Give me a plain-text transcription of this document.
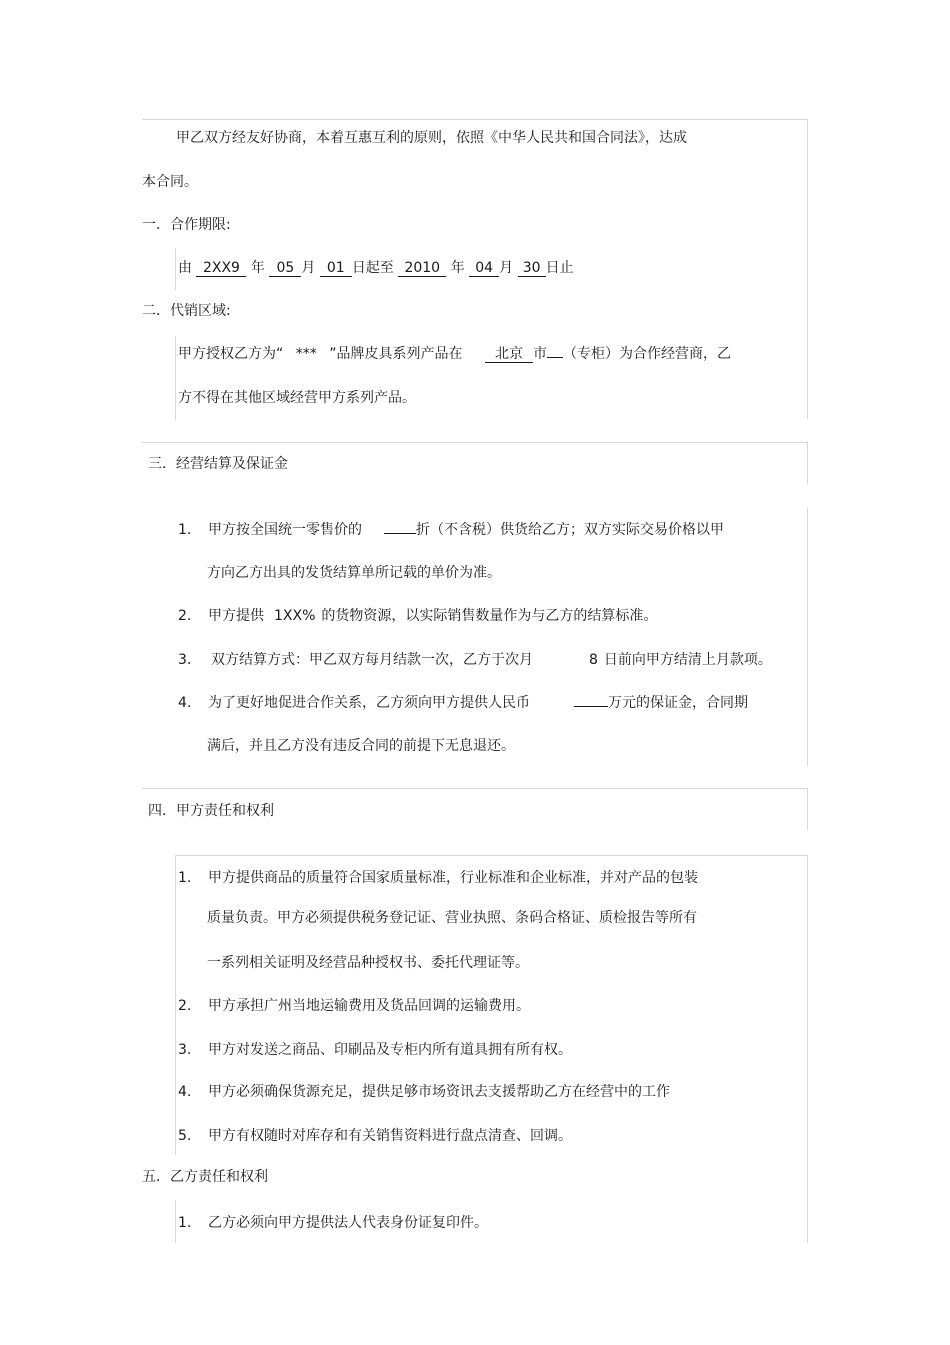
甲乙双方经友好协商，本着互惠互利的原则，依照《中华人民共和国合同法》，达成
本合同。
一．合作期限:
由 2XX9 年 05 月 01 日起至 2010 年 04 月 30 日止
二．代销区域:
甲方授权乙方为“ *** ”品牌皮具系列产品在 北京 市 （专柜）为合作经营商，乙
方不得在其他区域经营甲方系列产品。
三．经营结算及保证金
1. 甲方按全国统一零售价的	折（不含税）供货给乙方；双方实际交易价格以甲
方向乙方出具的发货结算单所记载的单价为准。
2. 甲方提供 1XX% 的货物资源，以实际销售数量作为与乙方的结算标准。
3. 双方结算方式：甲乙双方每月结款一次，乙方于次月	8 日前向甲方结清上月款项。
4. 为了更好地促进合作关系，乙方须向甲方提供人民币	万元的保证金，合同期
满后，并且乙方没有违反合同的前提下无息退还。
四．甲方责任和权利
1. 甲方提供商品的质量符合国家质量标准，行业标准和企业标准，并对产品的包装
质量负责。甲方必须提供税务登记证、营业执照、条码合格证、质检报告等所有
一系列相关证明及经营品种授权书、委托代理证等。
2. 甲方承担广州当地运输费用及货品回调的运输费用。
3. 甲方对发送之商品、印刷品及专柜内所有道具拥有所有权。
4. 甲方必须确保货源充足，提供足够市场资讯去支援帮助乙方在经营中的工作
5. 甲方有权随时对库存和有关销售资料进行盘点清查、回调。
五．乙方责任和权利
1. 乙方必须向甲方提供法人代表身份证复印件。
